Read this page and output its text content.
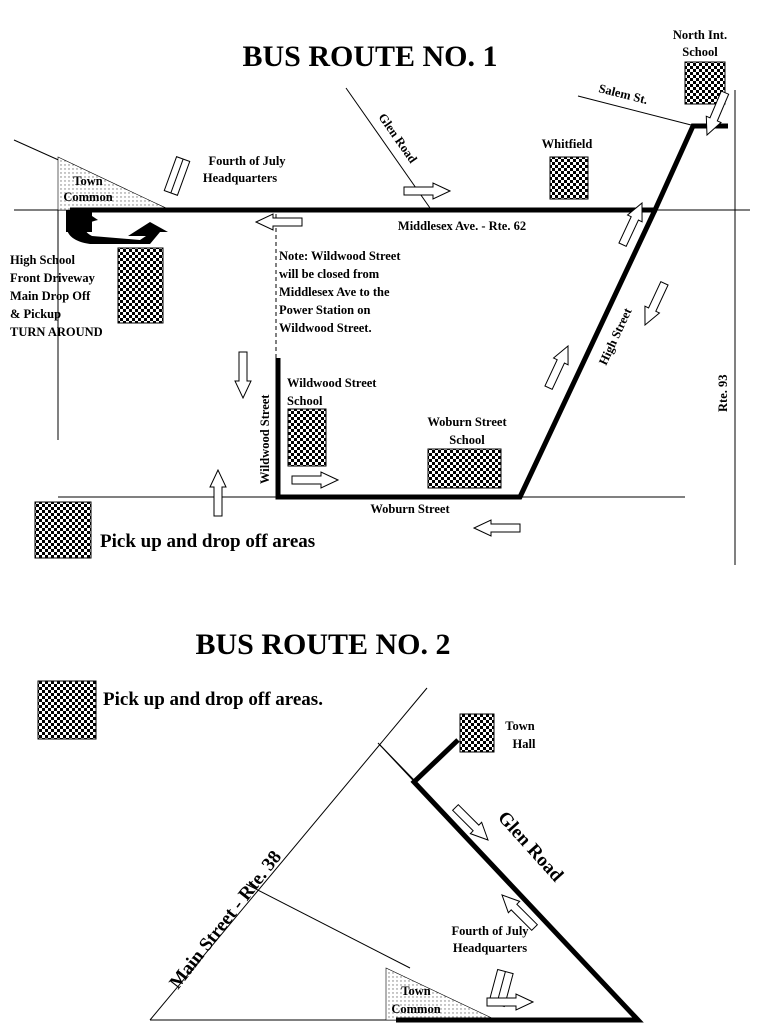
BUS ROUTE NO. 1
North Int.
School
Salem St.
Glen Road	Whitfield
Fourth of July
Headquarters
Town
Common
Middlesex Ave. - Rte. 62
High School
Front Driveway
Main Drop Off
& Pickup
TURN AROUND
Note: Wildwood Street
will be closed from
Middlesex Ave to the
Power Station on
Wildwood Street.	High Street
Rte. 93
Wildwood Street
Wildwood Street
School
Woburn Street
School
Woburn Street
Pick up and drop off areas
BUS ROUTE NO. 2
Pick up and drop off areas.
Town
Hall
Glen Road
Main Street - Rte. 38	Fourth of July
Headquarters
Town
Common
